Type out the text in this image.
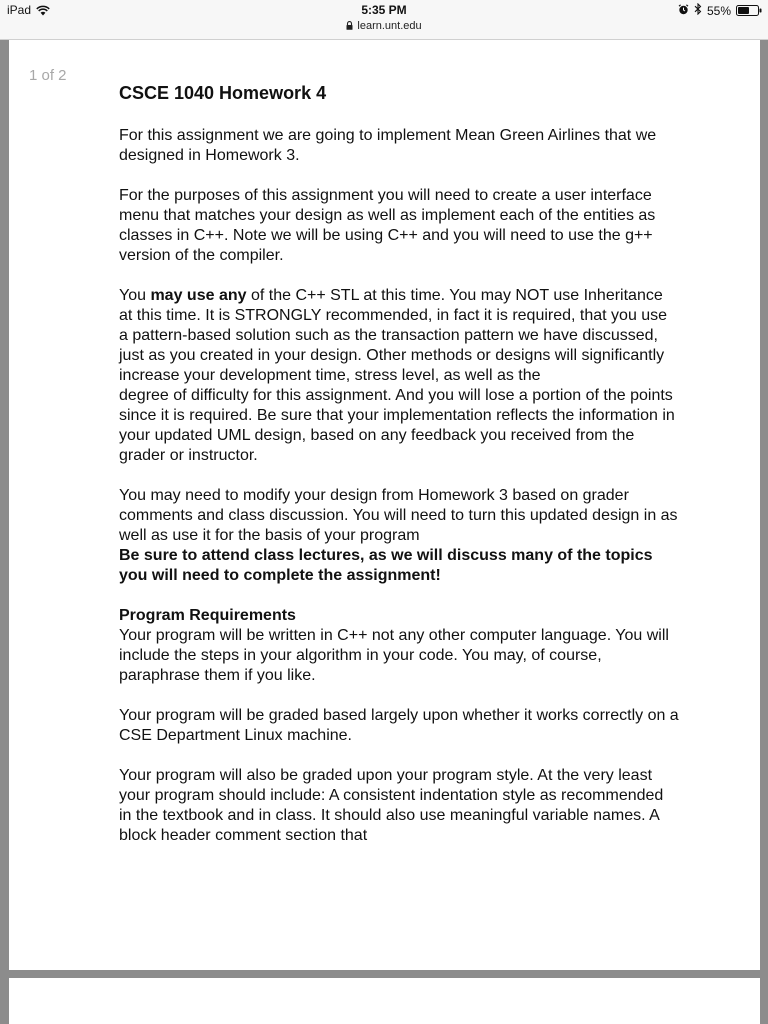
iPad	5:35 PM
learn.unt.edu
55%
1 of 2
CSCE 1040 Homework 4

For this assignment we are going to implement Mean Green Airlines that we designed in Homework 3.

For the purposes of this assignment you will need to create a user interface menu that matches your design as well as implement each of the entities as classes in C++. Note we will be using C++ and you will need to use the g++ version of the compiler.

You may use any of the C++ STL at this time. You may NOT use Inheritance at this time. It is STRONGLY recommended, in fact it is required, that you use a pattern-based solution such as the transaction pattern we have discussed, just as you created in your design. Other methods or designs will significantly increase your development time, stress level, as well as the

degree of difficulty for this assignment. And you will lose a portion of the points since it is required. Be sure that your implementation reflects the information in your updated UML design, based on any feedback you received from the grader or instructor.

You may need to modify your design from Homework 3 based on grader comments and class discussion. You will need to turn this updated design in as well as use it for the basis of your program

Be sure to attend class lectures, as we will discuss many of the topics you will need to complete the assignment!

Program Requirements

Your program will be written in C++ not any other computer language. You will include the steps in your algorithm in your code. You may, of course, paraphrase them if you like.

Your program will be graded based largely upon whether it works correctly on a CSE Department Linux machine.

Your program will also be graded upon your program style. At the very least your program should include: A consistent indentation style as recommended in the textbook and in class. It should also use meaningful variable names. A block header comment section that
